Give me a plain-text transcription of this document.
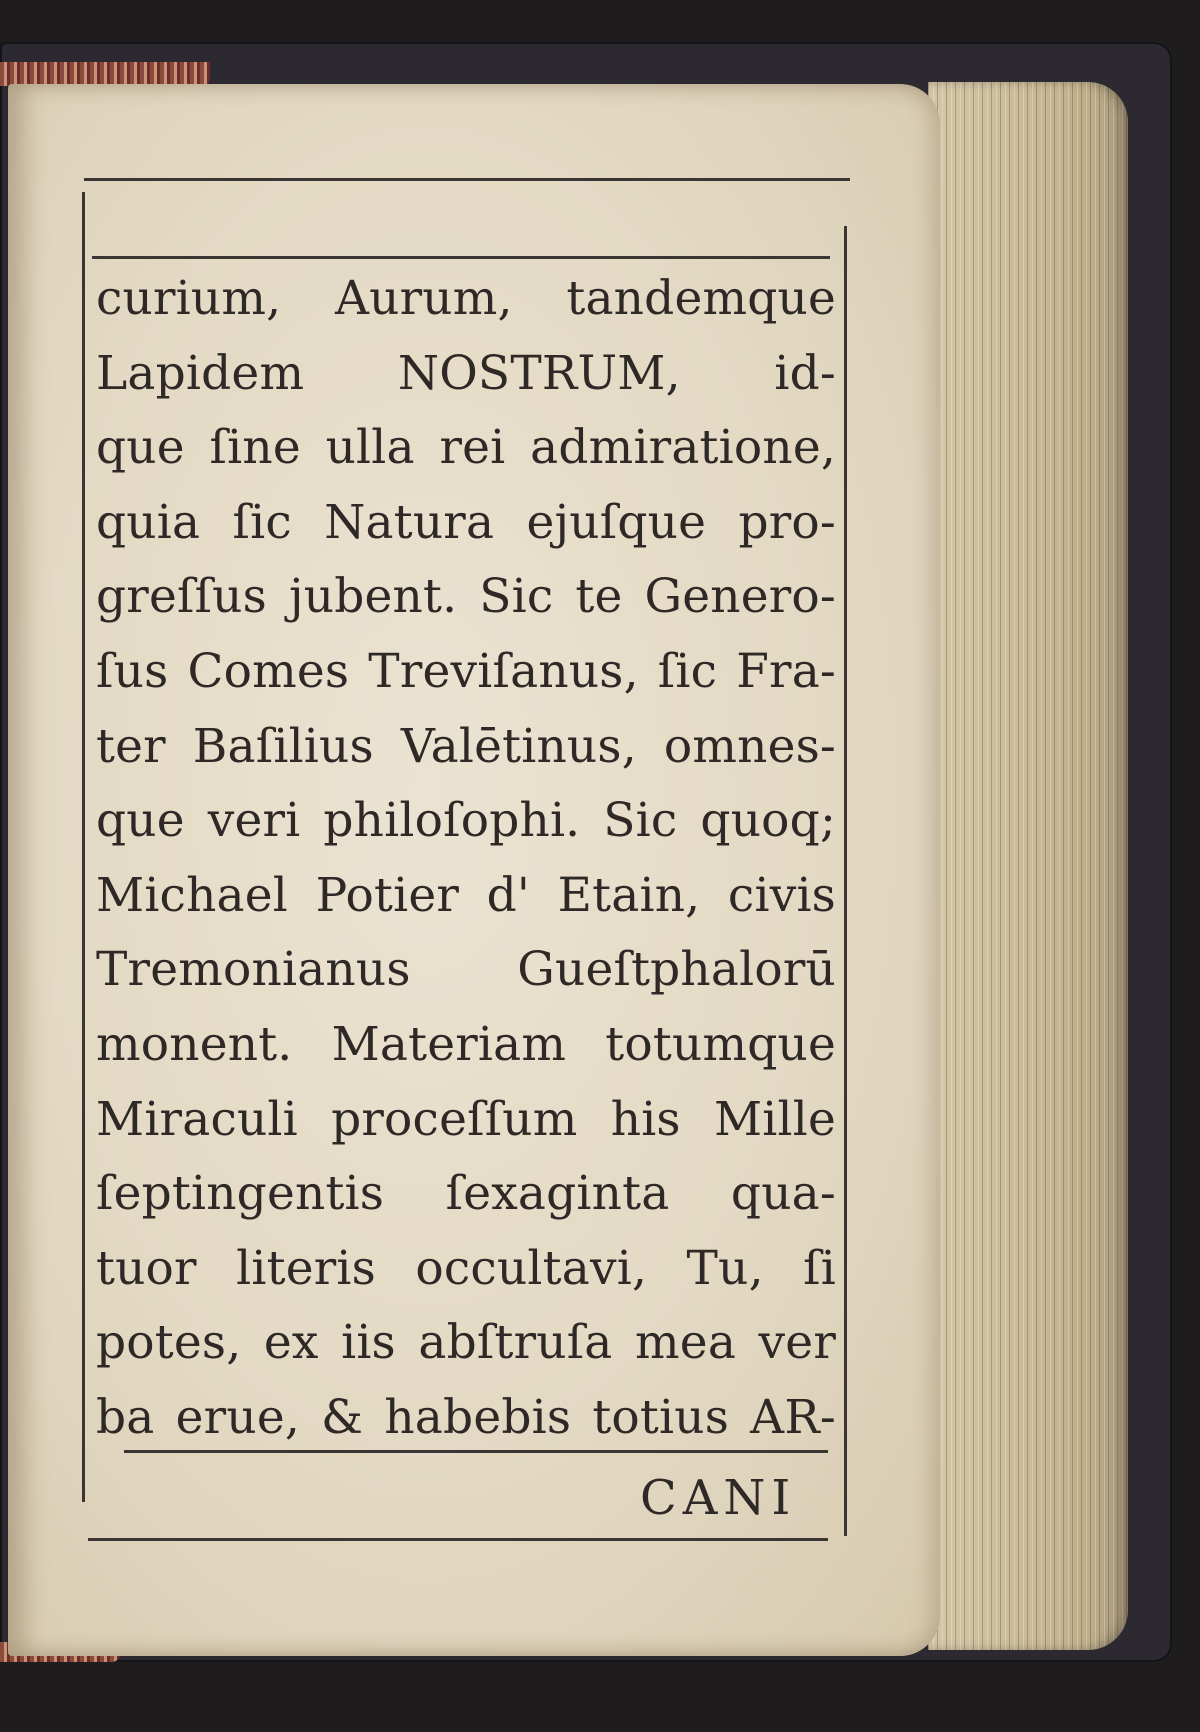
curium, Aurum, tandemque
Lapidem NOSTRUM, id-
que ſine ulla rei admiratione,
quia ſic Natura ejuſque pro-
greſſus jubent. Sic te Genero-
ſus Comes Treviſanus, ſic Fra-
ter Baſilius Valētinus, omnes-
que veri philoſophi. Sic quoq;
Michael Potier d' Etain, civis
Tremonianus Gueſtphalorū
monent. Materiam totumque
Miraculi proceſſum his Mille
ſeptingentis ſexaginta qua-
tuor literis occultavi, Tu, ſi
potes, ex iis abſtruſa mea ver
ba erue, & habebis totius AR-
CANI
